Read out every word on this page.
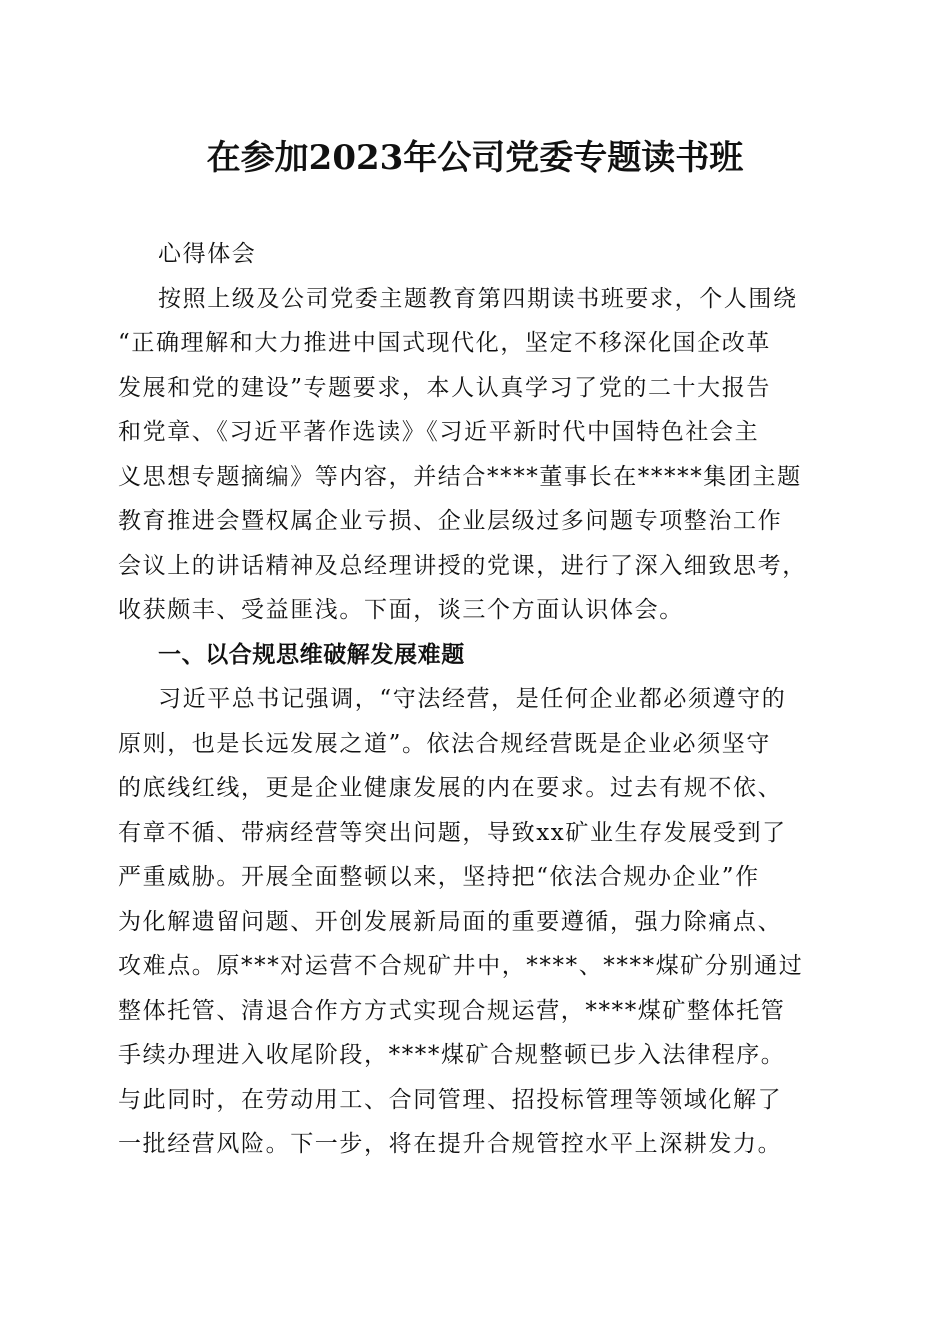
在参加2023年公司党委专题读书班
心得体会
按照上级及公司党委主题教育第四期读书班要求，个人围绕
“正确理解和大力推进中国式现代化，坚定不移深化国企改革
发展和党的建设”专题要求，本人认真学习了党的二十大报告
和党章、《习近平著作选读》《习近平新时代中国特色社会主
义思想专题摘编》等内容，并结合****董事长在*****集团主题
教育推进会暨权属企业亏损、企业层级过多问题专项整治工作
会议上的讲话精神及总经理讲授的党课，进行了深入细致思考，
收获颇丰、受益匪浅。下面，谈三个方面认识体会。
一、以合规思维破解发展难题
习近平总书记强调，“守法经营，是任何企业都必须遵守的
原则，也是长远发展之道”。依法合规经营既是企业必须坚守
的底线红线，更是企业健康发展的内在要求。过去有规不依、
有章不循、带病经营等突出问题，导致xx矿业生存发展受到了
严重威胁。开展全面整顿以来，坚持把“依法合规办企业”作
为化解遗留问题、开创发展新局面的重要遵循，强力除痛点、
攻难点。原***对运营不合规矿井中，****、****煤矿分别通过
整体托管、清退合作方方式实现合规运营，****煤矿整体托管
手续办理进入收尾阶段，****煤矿合规整顿已步入法律程序。
与此同时，在劳动用工、合同管理、招投标管理等领域化解了
一批经营风险。下一步，将在提升合规管控水平上深耕发力。
